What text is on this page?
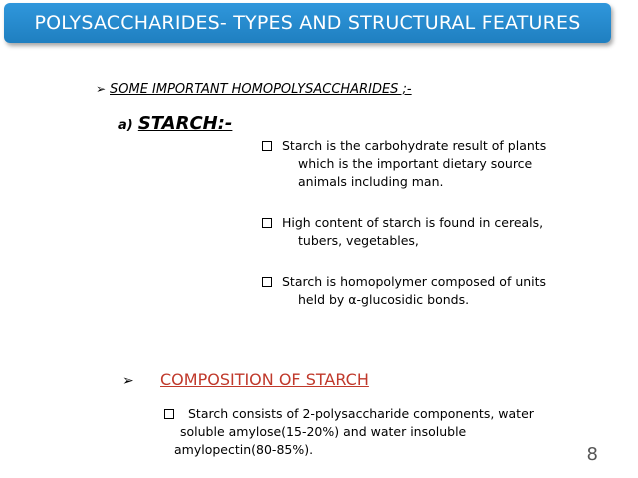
POLYSACCHARIDES- TYPES AND STRUCTURAL FEATURES
➢ SOME IMPORTANT HOMOPOLYSACCHARIDES ;-
a) STARCH:-
Starch is the carbohydrate result of plants
which is the important dietary source
animals including man.
High content of starch is found in cereals,
tubers, vegetables,
Starch is homopolymer composed of units
held by α-glucosidic bonds.
➢ COMPOSITION OF STARCH
Starch consists of 2-polysaccharide components, water
soluble amylose(15-20%) and water insoluble
amylopectin(80-85%).	8
